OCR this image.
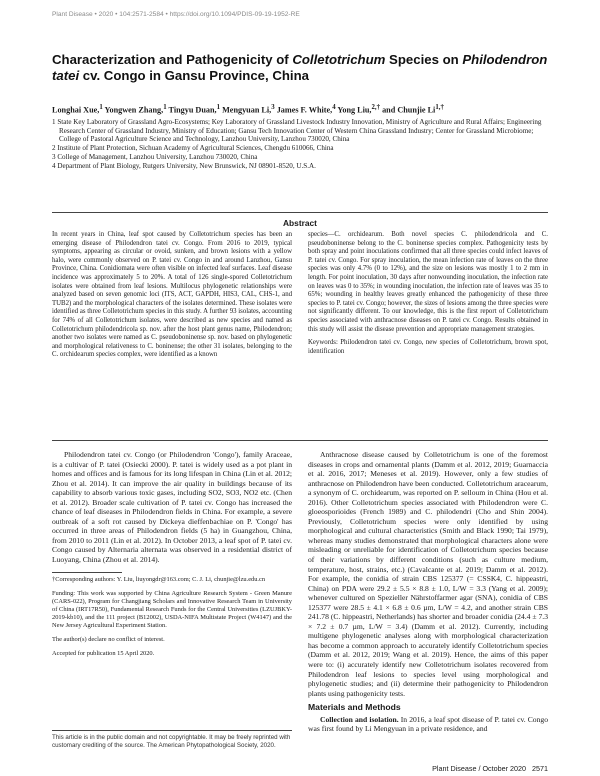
Plant Disease • 2020 • 104:2571-2584 • https://doi.org/10.1094/PDIS-09-19-1952-RE
Characterization and Pathogenicity of Colletotrichum Species on Philodendron tatei cv. Congo in Gansu Province, China
Longhai Xue,$^1$ Yongwen Zhang,$^1$ Tingyu Duan,$^1$ Mengyuan Li,$^3$ James F. White,$^4$ Yong Liu,$^{2,\dagger}$ and Chunjie $Li^{1,\dagger}$

1 State Key Laboratory of Grassland Agro-Ecosystems; Key Laboratory of Grassland Livestock Industry Innovation, Ministry of Agriculture and Rural Affairs; Engineering Research Center of Grassland Industry, Ministry of Education; Gansu Tech Innovation Center of Western China Grassland Industry; Center for Grassland Microbiome; College of Pastoral Agriculture Science and Technology, Lanzhou University, Lanzhou 730020, China

2 Institute of Plant Protection, Sichuan Academy of Agricultural Sciences, Chengdu 610066, China

3 College of Management, Lanzhou University, Lanzhou 730020, China

4 Department of Plant Biology, Rutgers University, New Brunswick, NJ 08901-8520, U.S.A.

Abstract

In recent years in China, leaf spot caused by Colletotrichum species has been an emerging disease of Philodendron tatei cv. Congo. From 2016 to 2019, typical symptoms, appearing as circular or ovoid, sunken, and brown lesions with a yellow halo, were commonly observed on P. tatei cv. Congo in and around Lanzhou, Gansu Province, China. Conidiomata were often visible on infected leaf surfaces. Leaf disease incidence was approximately 5 to 20%. A total of 126 single-spored Colletotrichum isolates were obtained from leaf lesions. Multilocus phylogenetic relationships were analyzed based on seven genomic loci (ITS, ACT, GAPDH, HIS3, CAL, CHS-1, and TUB2) and the morphological characters of the isolates determined. These isolates were identified as three Colletotrichum species in this study. A further 93 isolates, accounting for 74% of all Colletotrichum isolates, were described as new species and named as Colletotrichum philodendricola sp. nov. after the host plant genus name, Philodendron; another two isolates were named as C. pseudoboninense sp. nov. based on phylogenetic and morphological relativeness to C. boninense; the other 31 isolates, belonging to the C. orchidearum species complex, were identified as a known

species—C. orchidearum. Both novel species C. philodendricola and C. pseudoboninense belong to the C. boninense species complex. Pathogenicity tests by both spray and point inoculations confirmed that all three species could infect leaves of P. tatei cv. Congo. For spray inoculation, the mean infection rate of leaves on the three species was only 4.7% (0 to 12%), and the size on lesions was mostly 1 to 2 mm in length. For point inoculation, 30 days after nonwounding inoculation, the infection rate on leaves was 0 to 35%; in wounding inoculation, the infection rate of leaves was 35 to 65%; wounding in healthy leaves greatly enhanced the pathogenicity of these three species to P. tatei cv. Congo; however, the sizes of lesions among the three species were not significantly different. To our knowledge, this is the first report of Colletotrichum species associated with anthracnose diseases on P. tatei cv. Congo. Results obtained in this study will assist the disease prevention and appropriate management strategies.

Keywords: Philodendron tatei cv. Congo, new species of Colletotrichum, brown spot, identification

Philodendron tatei cv. Congo (or Philodendron 'Congo'), family Araceae, is a cultivar of P. tatei (Osiecki 2000). P. tatei is widely used as a pot plant in homes and offices and is famous for its long lifespan in China (Lin et al. 2012; Zhou et al. 2014). It can improve the air quality in buildings because of its capability to absorb various toxic gases, including SO2, SO3, NO2 etc. (Chen et al. 2012). Broader scale cultivation of P. tatei cv. Congo has increased the chance of leaf diseases in Philodendron fields in China. For example, a severe outbreak of a soft rot caused by Dickeya dieffenbachiae on P. 'Congo' has occurred in three areas of Philodendron fields (5 ha) in Guangzhou, China, from 2010 to 2011 (Lin et al. 2012). In October 2013, a leaf spot of P. tatei cv. Congo caused by Alternaria alternata was observed in a residential district of Luoyang, China (Zhou et al. 2014).

†Corresponding authors: Y. Liu, liuyongdr@163.com; C. J. Li, chunjie@lzu.edu.cn

Funding: This work was supported by China Agriculture Research System - Green Manure (CARS-022), Program for Changjiang Scholars and Innovative Research Team in University of China (IRT17R50), Fundamental Research Funds for the Central Universities (LZUJBKY-2019-kb10), and the 111 project (B12002), USDA-NIFA Multistate Project (W4147) and the New Jersey Agricultural Experiment Station.

The author(s) declare no conflict of interest.

Accepted for publication 15 April 2020.

This article is in the public domain and not copyrightable. It may be freely reprinted with customary crediting of the source. The American Phytopathological Society, 2020.

Anthracnose disease caused by Colletotrichum is one of the foremost diseases in crops and ornamental plants (Damm et al. 2012, 2019; Guarnaccia et al. 2016, 2017; Meneses et al. 2019). However, only a few studies of anthracnose on Philodendron have been conducted. Colletotrichum aracearum, a synonym of C. orchidearum, was reported on P. selloum in China (Hou et al. 2016). Other Colletotrichum species associated with Philodendron were C. gloeosporioides (French 1989) and C. philodendri (Cho and Shin 2004). Previously, Colletotrichum species were only identified by using morphological and cultural characteristics (Smith and Black 1990; Tai 1979), whereas many studies demonstrated that morphological characters alone were misleading or unreliable for identification of Colletotrichum species because of their variations by different conditions (such as culture medium, temperature, host, strains, etc.) (Cavalcante et al. 2019; Damm et al. 2012). For example, the conidia of strain CBS 125377 (= CSSK4, C. hippeastri, China) on PDA were 29.2 ± 5.5 × 8.8 ± 1.0, L/W = 3.3 (Yang et al. 2009); whenever cultured on Spezieller Nährstoffarmer agar (SNA), conidia of CBS 125377 were 28.5 ± 4.1 × 6.8 ± 0.6 µm, L/W = 4.2, and another strain CBS 241.78 (C. hippeastri, Netherlands) has shorter and broader conidia (24.4 ± 7.3 × 7.2 ± 0.7 µm, L/W = 3.4) (Damm et al. 2012). Currently, including multigene phylogenetic analyses along with morphological characterization has become a common approach to accurately identify Colletotrichum species (Damm et al. 2012, 2019; Wang et al. 2019). Hence, the aims of this paper were to: (i) accurately identify new Colletotrichum isolates recovered from Philodendron leaf lesions to species level using morphological and phylogenetic studies; and (ii) determine their pathogenicity to Philodendron plants using pathogenicity tests.

Materials and Methods

Collection and isolation. In 2016, a leaf spot disease of P. tatei cv. Congo was first found by Li Mengyuan in a private residence, and

Plant Disease / October 2020 2571
